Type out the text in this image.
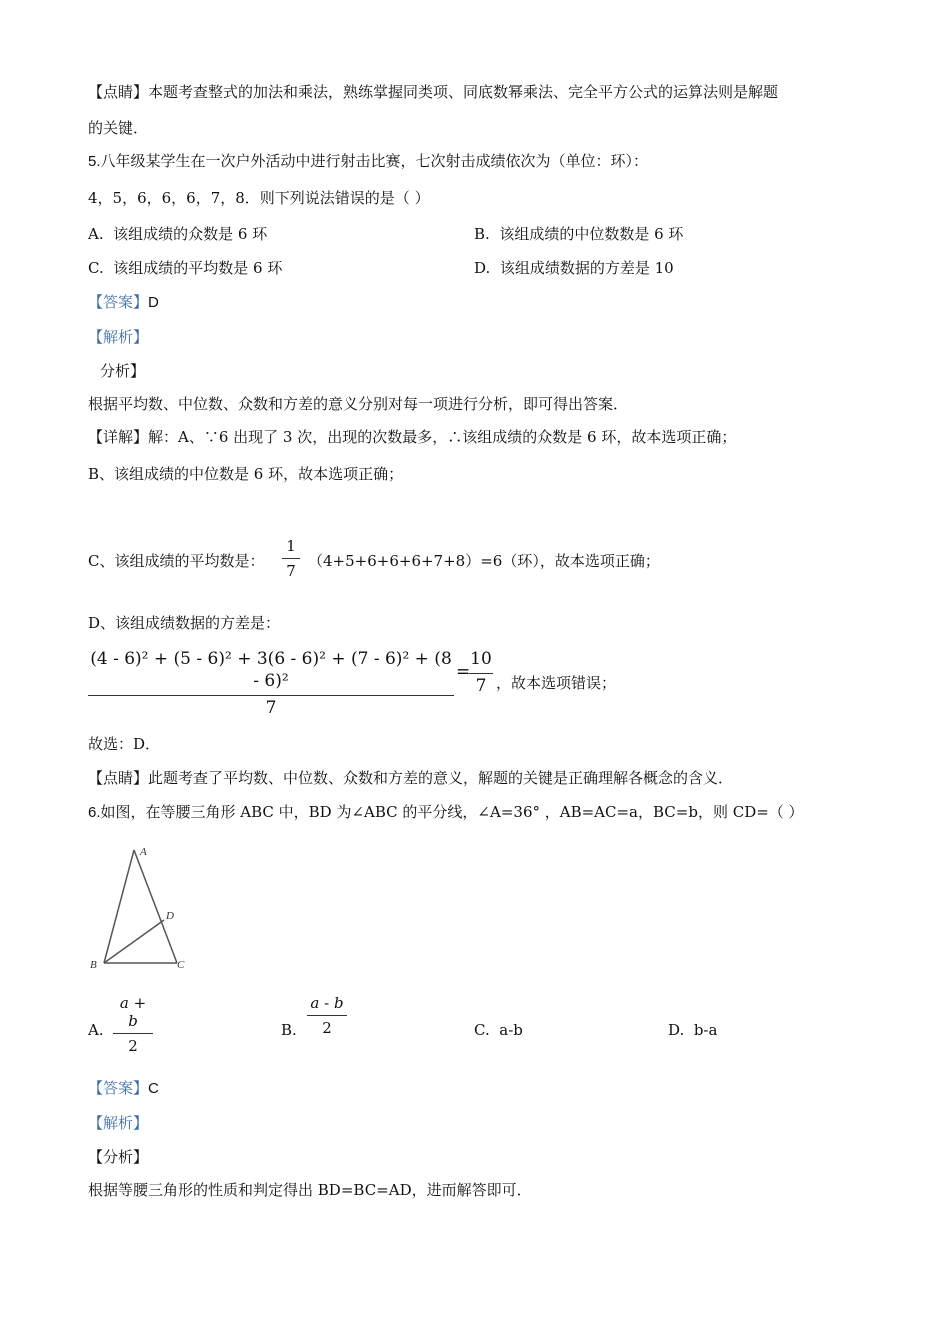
【点睛】本题考查整式的加法和乘法，熟练掌握同类项、同底数幂乘法、完全平方公式的运算法则是解题
的关键．
5.八年级某学生在一次户外活动中进行射击比赛，七次射击成绩依次为（单位：环）：
4，5，6，6，6，7，8．则下列说法错误的是（ ）
A. 该组成绩的众数是 6 环	B. 该组成绩的中位数数是 6 环
C. 该组成绩的平均数是 6 环	D. 该组成绩数据的方差是 10
【答案】D
【解析】
分析】
根据平均数、中位数、众数和方差的意义分别对每一项进行分析，即可得出答案．
【详解】解：A、∵6 出现了 3 次，出现的次数最多，∴该组成绩的众数是 6 环，故本选项正确；
B、该组成绩的中位数是 6 环，故本选项正确；
C、该组成绩的平均数是：
1
7
（4+5+6+6+6+7+8）=6（环），故本选项正确；
D、该组成绩数据的方差是：
(4 - 6)² + (5 - 6)² + 3(6 - 6)² + (7 - 6)² + (8 - 6)²
7
=
10
7 ，故本选项错误；
故选：D．
【点睛】此题考查了平均数、中位数、众数和方差的意义，解题的关键是正确理解各概念的含义．
6.如图，在等腰三角形 ABC 中，BD 为∠ABC 的平分线，∠A=36° ，AB=AC=a，BC=b，则 CD=（ ）
A
D
B	C
A.
a + b
2
B.
a - b
2	C. a-b	D. b-a
【答案】C
【解析】
【分析】
根据等腰三角形的性质和判定得出 BD=BC=AD，进而解答即可．
